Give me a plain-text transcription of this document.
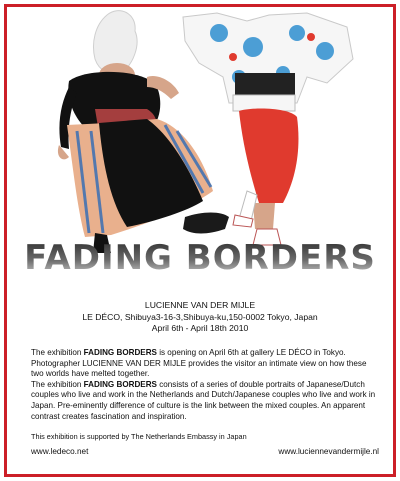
FADING BORDERS
LUCIENNE VAN DER MIJLE
LE DÉCO, Shibuya3-16-3,Shibuya-ku,150-0002 Tokyo, Japan
April 6th - April 18th 2010

The exhibition FADING BORDERS is opening on April 6th at gallery LE DÉCO in Tokyo. Photographer LUCIENNE VAN DER MIJLE provides the visitor an intimate view on how these two worlds have melted together.

The exhibition FADING BORDERS consists of a series of double portraits of Japanese/Dutch couples who live and work in the Netherlands and Dutch/Japanese couples who live and work in Japan. Pre-eminently difference of culture is the link between the mixed couples. An apparent contrast creates fascination and inspiration.

This exhibition is supported by The Netherlands Embassy in Japan
www.ledeco.net	www.luciennevandermijle.nl
